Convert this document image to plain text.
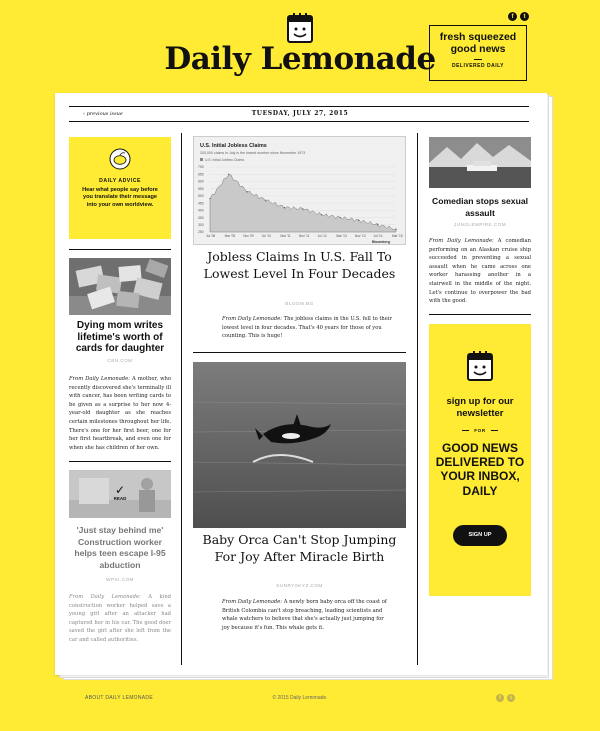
f	t
Daily Lemonade
fresh squeezed good news
DELIVERED DAILY
‹ previous issue	TUESDAY, JULY 27, 2015
DAILY ADVICE
Hear what people say before you translate their message into your own worldview.
Dying mom writes lifetime's worth of cards for daughter
CBN.COM
From Daily Lemonade: A mother, who recently discovered she's terminally ill with cancer, has been writing cards to be given as a surprise to her now 4-year-old daughter as she reaches certain milestones throughout her life. There's one for her first beer, one for her first heartbreak, and even one for when she has children of her own.
✓
READ
'Just stay behind me' Construction worker helps teen escape I-95 abduction
WPXI.COM
From Daily Lemonade: A kind construction worker helped save a young girl after an attacker had captured her in his car. The good doer saved the girl after she left from the car and called authorities.
U.S. Initial Jobless Claims
200,000 claims in July is the lowest number since November 1973
U.S. Initial Jobless Claims
700
650
600
550
500
450
400
350
300
250
Jul '08	Mar '09	Nov '09 Jul '10	Mar '11	Nov '11	Jul '12	Mar '13	Nov '13 Jul '14	Mar '15
Bloomberg
Jobless Claims In U.S. Fall To Lowest Level In Four Decades
BLOOM.BG
From Daily Lemonade: The jobless claims in the U.S. fell to their lowest level in four decades. That's 40 years for those of you counting. This is huge!
Baby Orca Can't Stop Jumping For Joy After Miracle Birth
SUNRYSKYZ.COM
From Daily Lemonade: A newly born baby orca off the coast of British Colombia can't stop breaching, leading scientists and whale watchers to believe that she's actually just jumping for joy because it's fun. This whale gets it.
Comedian stops sexual assault
JUNGLEMPIRE.COM
From Daily Lemonade: A comedian performing on an Alaskan cruise ship succeeded in preventing a sexual assault when he came across one worker harassing another in a stairwell in the middle of the night. Let's continue to overpower the bad with the good.
sign up for our newsletter
FOR
GOOD NEWS DELIVERED TO YOUR INBOX, DAILY
SIGN UP
ABOUT DAILY LEMONADE	© 2015 Daily Lemonade.	f	t
